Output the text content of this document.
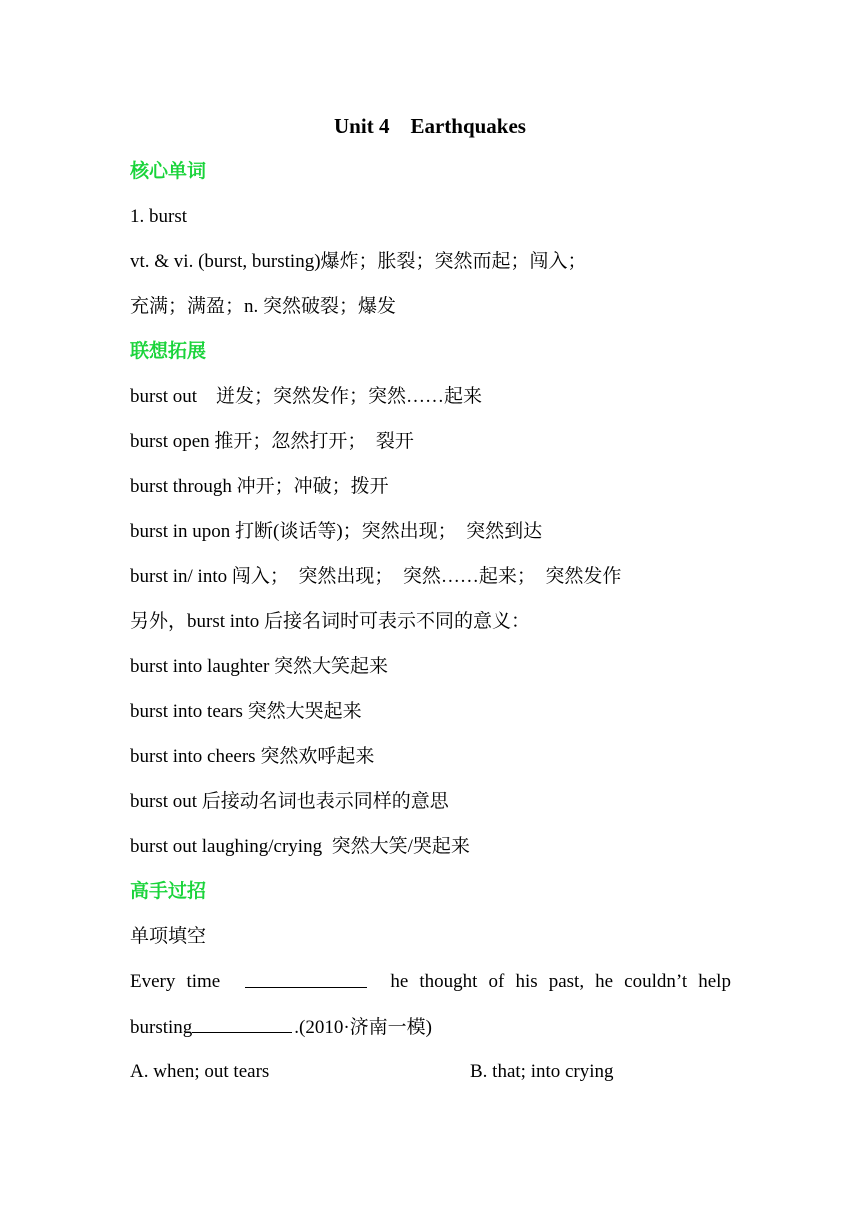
Unit 4    Earthquakes
核心单词
1. burst
vt. & vi. (burst, bursting)爆炸；胀裂；突然而起；闯入；
充满；满盈；n. 突然破裂；爆发
联想拓展
burst out    迸发；突然发作；突然……起来
burst open 推开；忽然打开；  裂开
burst through 冲开；冲破；拨开
burst in upon 打断(谈话等)；突然出现；  突然到达
burst in/ into 闯入；  突然出现；  突然……起来；  突然发作
另外，burst into 后接名词时可表示不同的意义：
burst into laughter 突然大笑起来
burst into tears 突然大哭起来
burst into cheers 突然欢呼起来
burst out 后接动名词也表示同样的意思
burst out laughing/crying  突然大笑/哭起来
高手过招
单项填空
Every time	he thought of his past, he couldn’t help
bursting	.(2010·济南一模)
A. when; out tears	B. that; into crying
